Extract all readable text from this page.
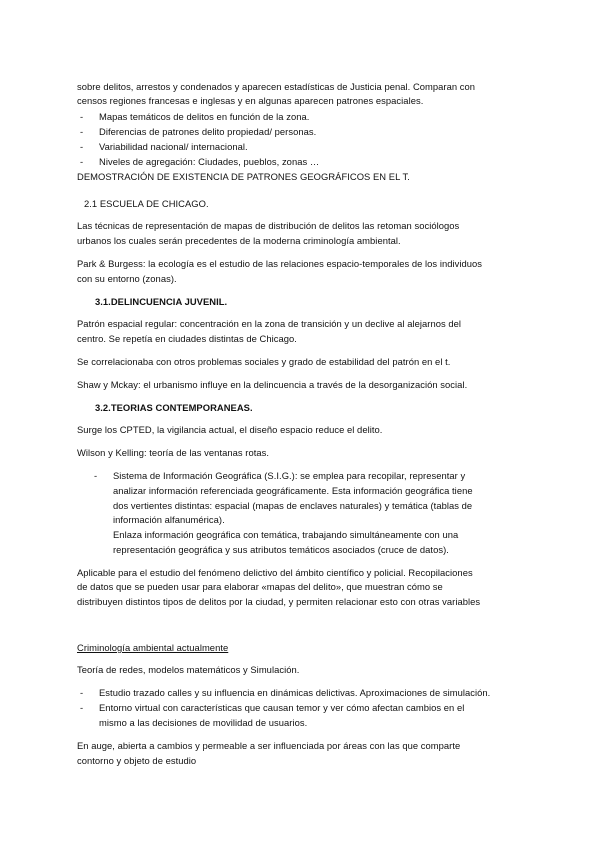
sobre delitos, arrestos y condenados y aparecen estadísticas de Justicia penal. Comparan con
censos regiones francesas e inglesas y en algunas aparecen patrones espaciales.
- Mapas temáticos de delitos en función de la zona.
- Diferencias de patrones delito propiedad/ personas.
- Variabilidad nacional/ internacional.
- Niveles de agregación: Ciudades, pueblos, zonas …
DEMOSTRACIÓN DE EXISTENCIA DE PATRONES GEOGRÁFICOS EN EL T.
2.1 ESCUELA DE CHICAGO.
Las técnicas de representación de mapas de distribución de delitos las retoman sociólogos
urbanos los cuales serán precedentes de la moderna criminología ambiental.
Park & Burgess: la ecología es el estudio de las relaciones espacio-temporales de los individuos
con su entorno (zonas).
3.1.DELINCUENCIA JUVENIL.
Patrón espacial regular: concentración en la zona de transición y un declive al alejarnos del
centro. Se repetía en ciudades distintas de Chicago.
Se correlacionaba con otros problemas sociales y grado de estabilidad del patrón en el t.
Shaw y Mckay: el urbanismo influye en la delincuencia a través de la desorganización social.
3.2.TEORIAS CONTEMPORANEAS.
Surge los CPTED, la vigilancia actual, el diseño espacio reduce el delito.
Wilson y Kelling: teoría de las ventanas rotas.
- Sistema de Información Geográfica (S.I.G.): se emplea para recopilar, representar y
analizar información referenciada geográficamente. Esta información geográfica tiene
dos vertientes distintas: espacial (mapas de enclaves naturales) y temática (tablas de
información alfanumérica).
Enlaza información geográfica con temática, trabajando simultáneamente con una
representación geográfica y sus atributos temáticos asociados (cruce de datos).
Aplicable para el estudio del fenómeno delictivo del ámbito científico y policial. Recopilaciones
de datos que se pueden usar para elaborar «mapas del delito», que muestran cómo se
distribuyen distintos tipos de delitos por la ciudad, y permiten relacionar esto con otras variables
Criminología ambiental actualmente
Teoría de redes, modelos matemáticos y Simulación.
- Estudio trazado calles y su influencia en dinámicas delictivas. Aproximaciones de simulación.
- Entorno virtual con características que causan temor y ver cómo afectan cambios en el
mismo a las decisiones de movilidad de usuarios.
En auge, abierta a cambios y permeable a ser influenciada por áreas con las que comparte
contorno y objeto de estudio
